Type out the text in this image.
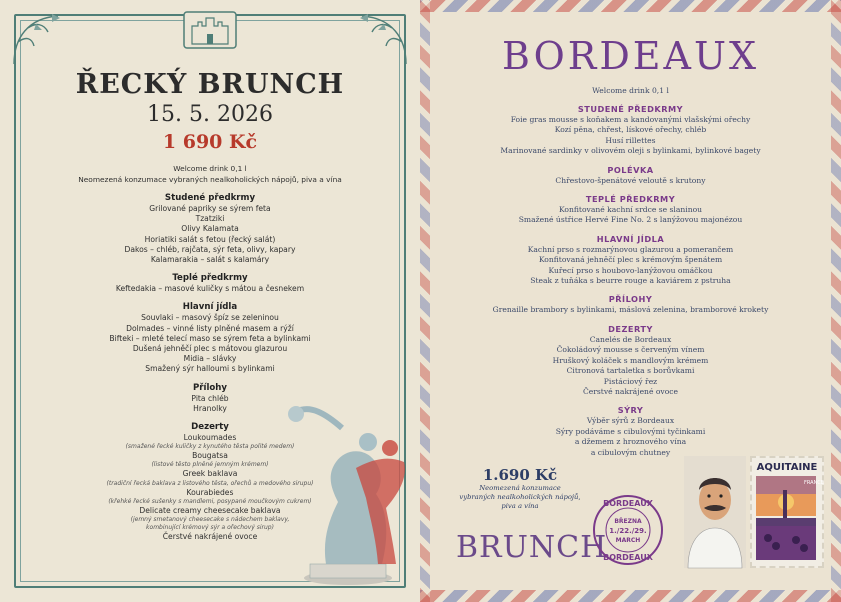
ŘECKÝ BRUNCH
15. 5. 2026
1 690 Kč
Welcome drink 0,1 l
Neomezená konzumace vybraných nealkoholických nápojů, piva a vína
Studené předkrmy
Grilované papriky se sýrem feta
Tzatziki
Olivy Kalamata
Horiatiki salát s fetou (řecký salát)
Dakos – chléb, rajčata, sýr feta, olivy, kapary
Kalamarakia – salát s kalamáry
Teplé předkrmy
Keftedakia – masové kuličky s mátou a česnekem
Hlavní jídla
Souvlaki – masový špíz se zeleninou
Dolmades – vinné listy plněné masem a rýží
Bifteki – mleté telecí maso se sýrem feta a bylinkami
Dušená jehněčí plec s mátovou glazurou
Midia – slávky
Smažený sýr halloumi s bylinkami
Přílohy
Pita chléb
Hranolky
Dezerty
Loukoumades
(smažené řecké kuličky z kynutého těsta polité medem)
Bougatsa
(listové těsto plněné jemným krémem)
Greek baklava
(tradiční řecká baklava z listového těsta, ořechů a medového sirupu)
Kourabiedes
(křehké řecké sušenky s mandlemi, posypané moučkovým cukrem)
Delicate creamy cheesecake baklava
(jemný smetanový cheesecake s nádechem baklavy,
kombinující krémový sýr a ořechový sirup)
Čerstvé nakrájené ovoce
BORDEAUX
Welcome drink 0,1 l
STUDENÉ PŘEDKRMY
Foie gras mousse s koňakem a kandovanými vlašskými ořechy
Kozí pěna, chřest, lískové ořechy, chléb
Husí rillettes
Marinované sardinky v olivovém oleji s bylinkami, bylinkové bagety
POLÉVKA
Chřestovo-špenátové veloutě s krutony
TEPLÉ PŘEDKRMY
Konfitované kachní srdce se slaninou
Smažené ústřice Hervé Fine No. 2 s lanýžovou majonézou
HLAVNÍ JÍDLA
Kachní prso s rozmarýnovou glazurou a pomerančem
Konfitovaná jehněčí plec s krémovým špenátem
Kuřecí prso s houbovo-lanýžovou omáčkou
Steak z tuňáka s beurre rouge a kaviárem z pstruha
PŘÍLOHY
Grenaille brambory s bylinkami, máslová zelenina, bramborové krokety
DEZERTY
Canelés de Bordeaux
Čokoládový mousse s červeným vínem
Hruškový koláček s mandlovým krémem
Citronová tartaletka s borůvkami
Pistáciový řez
Čerstvé nakrájené ovoce
SÝRY
Výběr sýrů z Bordeaux
Sýry podáváme s cibulovými tyčinkami
a džemem z hroznového vína
a cibulovým chutney
1.690 Kč
Neomezená konzumace
vybraných nealkoholických nápojů,
piva a vína
BRUNCH
BORDEAUX
BŘEZNA
1./22./29.
MARCH
BORDEAUX
AQUITAINE
FRANCE
